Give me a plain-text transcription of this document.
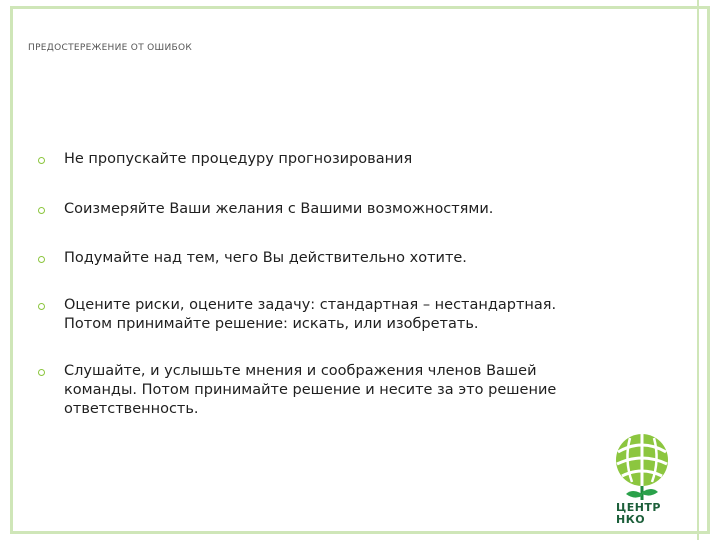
ПРЕДОСТЕРЕЖЕНИЕ ОТ ОШИБОК
Не пропускайте процедуру прогнозирования
Соизмеряйте Ваши желания с Вашими возможностями.
Подумайте над тем, чего Вы действительно хотите.
Оцените риски, оцените задачу: стандартная – нестандартная.
Потом принимайте решение: искать, или изобретать.
Слушайте, и услышьте мнения и соображения членов Вашей
команды. Потом принимайте решение и несите за это решение
ответственность.
ЦЕНТР
НКО
